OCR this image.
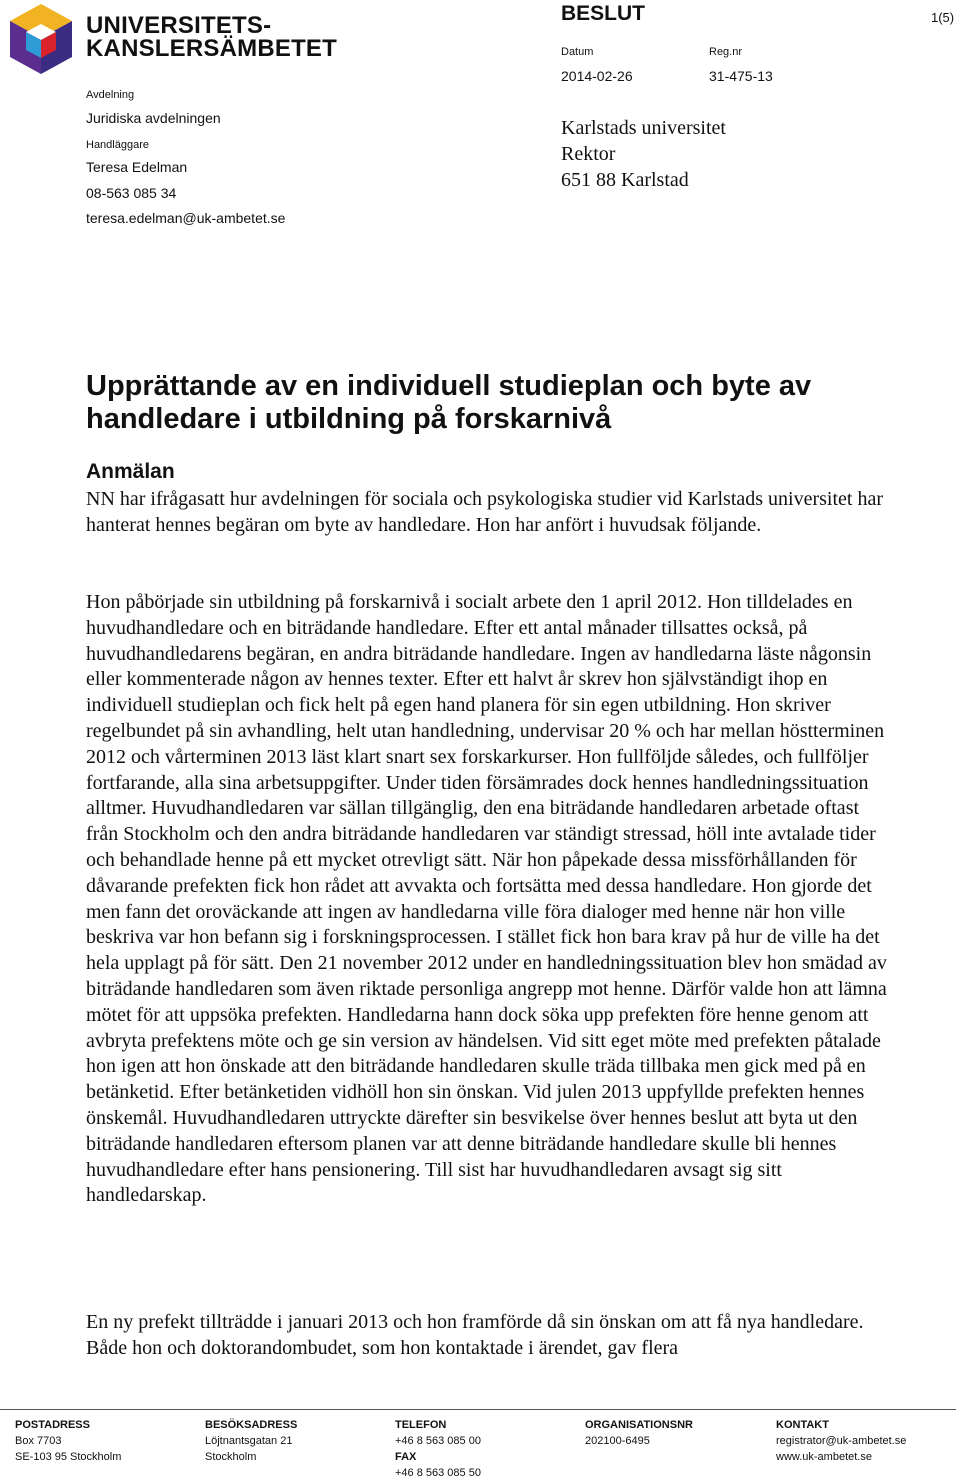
UNIVERSITETS-
KANSLERSÄMBETET
Avdelning
Juridiska avdelningen
Handläggare
Teresa Edelman
08-563 085 34
teresa.edelman@uk-ambetet.se
BESLUT	1(5)
Datum	Reg.nr
2014-02-26	31-475-13
Karlstads universitet
Rektor
651 88 Karlstad
Upprättande av en individuell studieplan och byte av handledare i utbildning på forskarnivå
Anmälan
NN har ifrågasatt hur avdelningen för sociala och psykologiska studier vid Karlstads universitet har hanterat hennes begäran om byte av handledare. Hon har anfört i huvudsak följande.
Hon påbörjade sin utbildning på forskarnivå i socialt arbete den 1 april 2012. Hon tilldelades en huvudhandledare och en biträdande handledare. Efter ett antal månader tillsattes också, på huvudhandledarens begäran, en andra biträdande handledare. Ingen av handledarna läste någonsin eller kommenterade någon av hennes texter. Efter ett halvt år skrev hon självständigt ihop en individuell studieplan och fick helt på egen hand planera för sin egen utbildning. Hon skriver regelbundet på sin avhandling, helt utan handledning, undervisar 20 % och har mellan höstterminen 2012 och vårterminen 2013 läst klart snart sex forskarkurser. Hon fullföljde således, och fullföljer fortfarande, alla sina arbetsuppgifter. Under tiden försämrades dock hennes handledningssituation alltmer. Huvudhandledaren var sällan tillgänglig, den ena biträdande handledaren arbetade oftast från Stockholm och den andra biträdande handledaren var ständigt stressad, höll inte avtalade tider och behandlade henne på ett mycket otrevligt sätt. När hon påpekade dessa missförhållanden för dåvarande prefekten fick hon rådet att avvakta och fortsätta med dessa handledare. Hon gjorde det men fann det oroväckande att ingen av handledarna ville föra dialoger med henne när hon ville beskriva var hon befann sig i forskningsprocessen. I stället fick hon bara krav på hur de ville ha det hela upplagt på för sätt. Den 21 november 2012 under en handledningssituation blev hon smädad av biträdande handledaren som även riktade personliga angrepp mot henne. Därför valde hon att lämna mötet för att uppsöka prefekten. Handledarna hann dock söka upp prefekten före henne genom att avbryta prefektens möte och ge sin version av händelsen. Vid sitt eget möte med prefekten påtalade hon igen att hon önskade att den biträdande handledaren skulle träda tillbaka men gick med på en betänketid. Efter betänketiden vidhöll hon sin önskan. Vid julen 2013 uppfyllde prefekten hennes önskemål. Huvudhandledaren uttryckte därefter sin besvikelse över hennes beslut att byta ut den biträdande handledaren eftersom planen var att denne biträdande handledare skulle bli hennes huvudhandledare efter hans pensionering. Till sist har huvudhandledaren avsagt sig sitt handledarskap.
En ny prefekt tillträdde i januari 2013 och hon framförde då sin önskan om att få nya handledare. Både hon och doktorandombudet, som hon kontaktade i ärendet, gav flera
POSTADRESS
Box 7703
SE-103 95 Stockholm
BESÖKSADRESS
Löjtnantsgatan 21
Stockholm
TELEFON
+46 8 563 085 00
FAX
+46 8 563 085 50
ORGANISATIONSNR
202100-6495
KONTAKT
registrator@uk-ambetet.se
www.uk-ambetet.se
